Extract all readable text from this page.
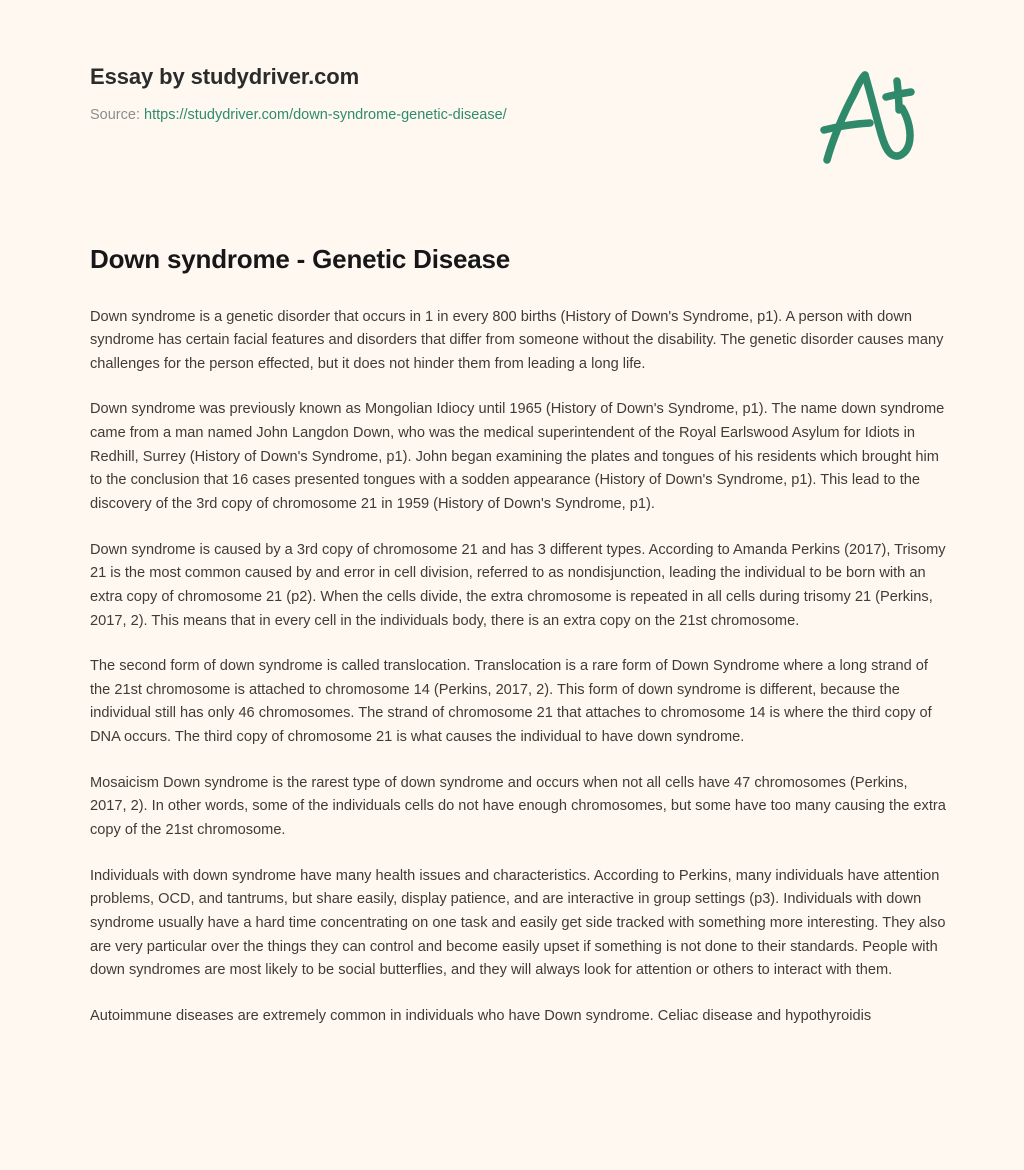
Essay by studydriver.com
Source: https://studydriver.com/down-syndrome-genetic-disease/
Down syndrome - Genetic Disease

Down syndrome is a genetic disorder that occurs in 1 in every 800 births (History of Down's Syndrome, p1). A person with down syndrome has certain facial features and disorders that differ from someone without the disability. The genetic disorder causes many challenges for the person effected, but it does not hinder them from leading a long life.

Down syndrome was previously known as Mongolian Idiocy until 1965 (History of Down's Syndrome, p1). The name down syndrome came from a man named John Langdon Down, who was the medical superintendent of the Royal Earlswood Asylum for Idiots in Redhill, Surrey (History of Down's Syndrome, p1). John began examining the plates and tongues of his residents which brought him to the conclusion that 16 cases presented tongues with a sodden appearance (History of Down's Syndrome, p1). This lead to the discovery of the 3rd copy of chromosome 21 in 1959 (History of Down's Syndrome, p1).

Down syndrome is caused by a 3rd copy of chromosome 21 and has 3 different types. According to Amanda Perkins (2017), Trisomy 21 is the most common caused by and error in cell division, referred to as nondisjunction, leading the individual to be born with an extra copy of chromosome 21 (p2). When the cells divide, the extra chromosome is repeated in all cells during trisomy 21 (Perkins, 2017, 2). This means that in every cell in the individuals body, there is an extra copy on the 21st chromosome.

The second form of down syndrome is called translocation. Translocation is a rare form of Down Syndrome where a long strand of the 21st chromosome is attached to chromosome 14 (Perkins, 2017, 2). This form of down syndrome is different, because the individual still has only 46 chromosomes. The strand of chromosome 21 that attaches to chromosome 14 is where the third copy of DNA occurs. The third copy of chromosome 21 is what causes the individual to have down syndrome.

Mosaicism Down syndrome is the rarest type of down syndrome and occurs when not all cells have 47 chromosomes (Perkins, 2017, 2). In other words, some of the individuals cells do not have enough chromosomes, but some have too many causing the extra copy of the 21st chromosome.

Individuals with down syndrome have many health issues and characteristics. According to Perkins, many individuals have attention problems, OCD, and tantrums, but share easily, display patience, and are interactive in group settings (p3). Individuals with down syndrome usually have a hard time concentrating on one task and easily get side tracked with something more interesting. They also are very particular over the things they can control and become easily upset if something is not done to their standards. People with down syndromes are most likely to be social butterflies, and they will always look for attention or others to interact with them.

Autoimmune diseases are extremely common in individuals who have Down syndrome. Celiac disease and hypothyroidis
